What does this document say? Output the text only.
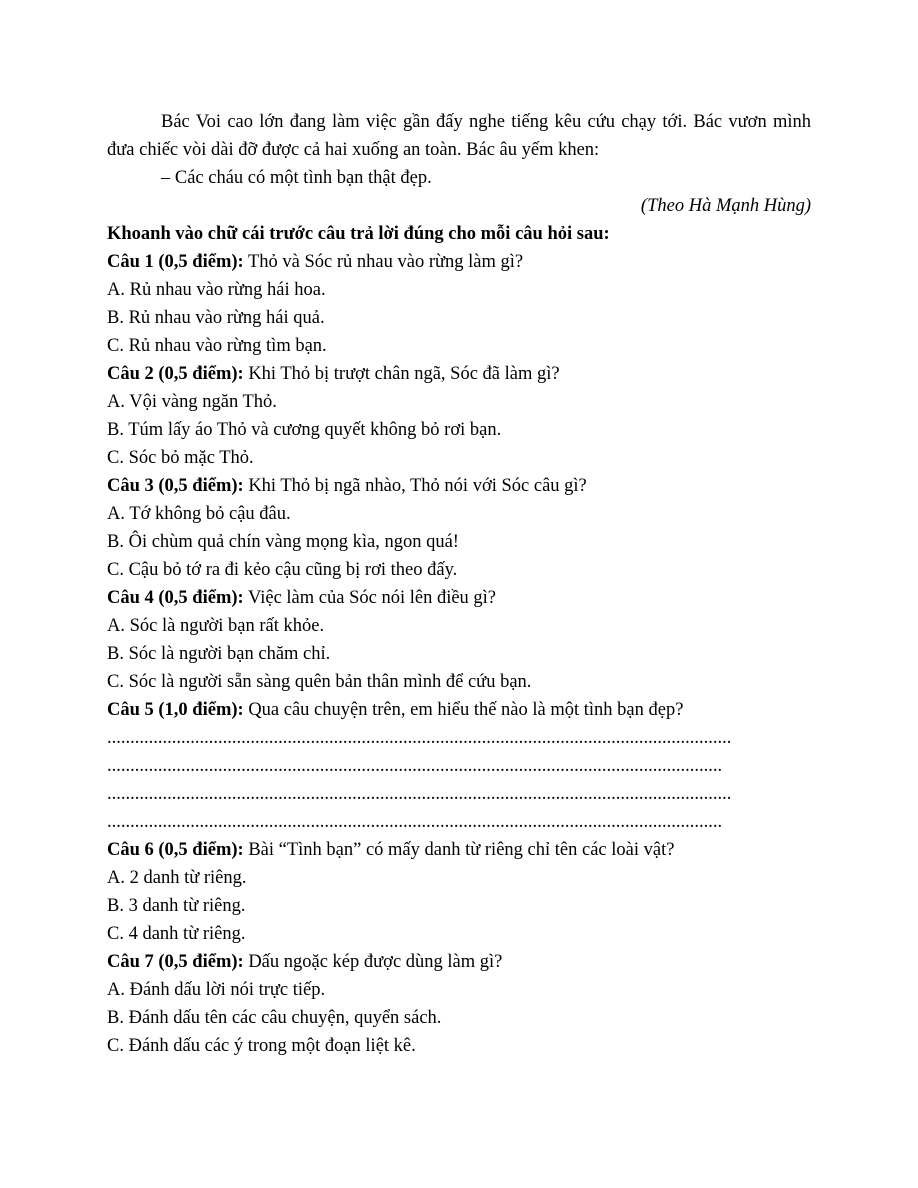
Bác Voi cao lớn đang làm việc gần đấy nghe tiếng kêu cứu chạy tới. Bác vươn mình đưa chiếc vòi dài đỡ được cả hai xuống an toàn. Bác âu yếm khen:
– Các cháu có một tình bạn thật đẹp.
(Theo Hà Mạnh Hùng)
Khoanh vào chữ cái trước câu trả lời đúng cho mỗi câu hỏi sau:
Câu 1 (0,5 điểm): Thỏ và Sóc rủ nhau vào rừng làm gì?
A. Rủ nhau vào rừng hái hoa.
B. Rủ nhau vào rừng hái quả.
C. Rủ nhau vào rừng tìm bạn.
Câu 2 (0,5 điểm): Khi Thỏ bị trượt chân ngã, Sóc đã làm gì?
A. Vội vàng ngăn Thỏ.
B. Túm lấy áo Thỏ và cương quyết không bỏ rơi bạn.
C. Sóc bỏ mặc Thỏ.
Câu 3 (0,5 điểm): Khi Thỏ bị ngã nhào, Thỏ nói với Sóc câu gì?
A. Tớ không bỏ cậu đâu.
B. Ôi chùm quả chín vàng mọng kìa, ngon quá!
C. Cậu bỏ tớ ra đi kẻo cậu cũng bị rơi theo đấy.
Câu 4 (0,5 điểm): Việc làm của Sóc nói lên điều gì?
A. Sóc là người bạn rất khỏe.
B. Sóc là người bạn chăm chỉ.
C. Sóc là người sẵn sàng quên bản thân mình để cứu bạn.
Câu 5 (1,0 điểm): Qua câu chuyện trên, em hiểu thế nào là một tình bạn đẹp?
.......................................................................................................................................
.....................................................................................................................................
.......................................................................................................................................
.....................................................................................................................................
Câu 6 (0,5 điểm): Bài “Tình bạn” có mấy danh từ riêng chỉ tên các loài vật?
A. 2 danh từ riêng.
B. 3 danh từ riêng.
C. 4 danh từ riêng.
Câu 7 (0,5 điểm): Dấu ngoặc kép được dùng làm gì?
A. Đánh dấu lời nói trực tiếp.
B. Đánh dấu tên các câu chuyện, quyển sách.
C. Đánh dấu các ý trong một đoạn liệt kê.
